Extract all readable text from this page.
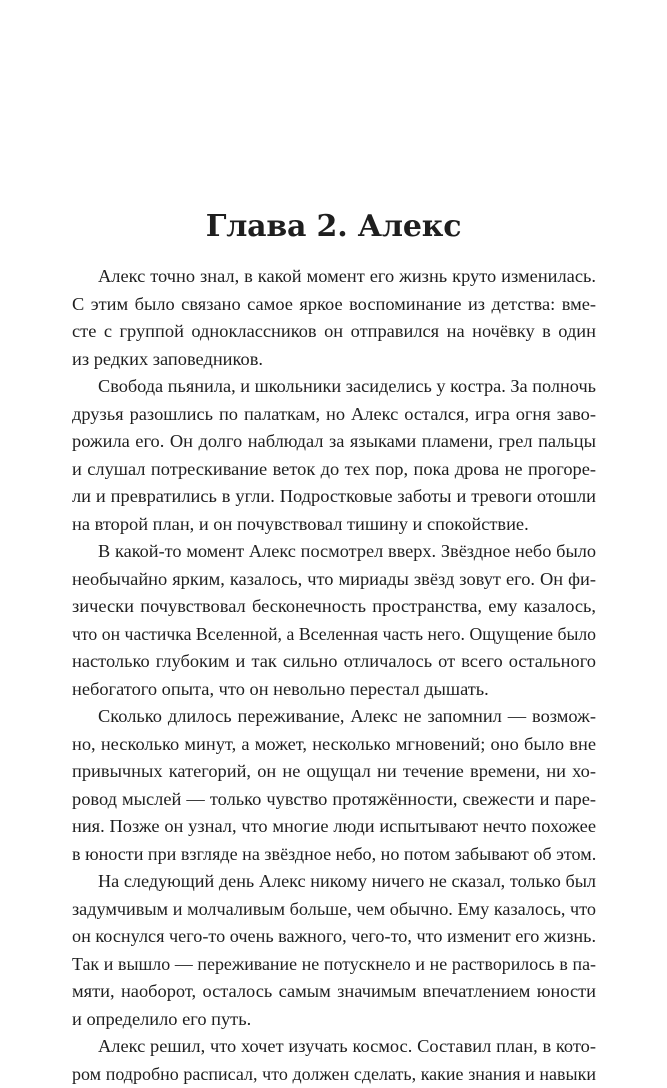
Глава 2. Алекс
Алекс точно знал, в какой момент его жизнь круто изменилась.
С этим было связано самое яркое воспоминание из детства: вме-
сте с группой одноклассников он отправился на ночёвку в один
из редких заповедников.
Свобода пьянила, и школьники засиделись у костра. За полночь
друзья разошлись по палаткам, но Алекс остался, игра огня заво-
рожила его. Он долго наблюдал за языками пламени, грел пальцы
и слушал потрескивание веток до тех пор, пока дрова не прогоре-
ли и превратились в угли. Подростковые заботы и тревоги отошли
на второй план, и он почувствовал тишину и спокойствие.
В какой-то момент Алекс посмотрел вверх. Звёздное небо было
необычайно ярким, казалось, что мириады звёзд зовут его. Он фи-
зически почувствовал бесконечность пространства, ему казалось,
что он частичка Вселенной, а Вселенная часть него. Ощущение было
настолько глубоким и так сильно отличалось от всего остального
небогатого опыта, что он невольно перестал дышать.
Сколько длилось переживание, Алекс не запомнил — возмож-
но, несколько минут, а может, несколько мгновений; оно было вне
привычных категорий, он не ощущал ни течение времени, ни хо-
ровод мыслей — только чувство протяжённости, свежести и паре-
ния. Позже он узнал, что многие люди испытывают нечто похожее
в юности при взгляде на звёздное небо, но потом забывают об этом.
На следующий день Алекс никому ничего не сказал, только был
задумчивым и молчаливым больше, чем обычно. Ему казалось, что
он коснулся чего-то очень важного, чего-то, что изменит его жизнь.
Так и вышло — переживание не потускнело и не растворилось в па-
мяти, наоборот, осталось самым значимым впечатлением юности
и определило его путь.
Алекс решил, что хочет изучать космос. Составил план, в кото-
ром подробно расписал, что должен сделать, какие знания и навыки
